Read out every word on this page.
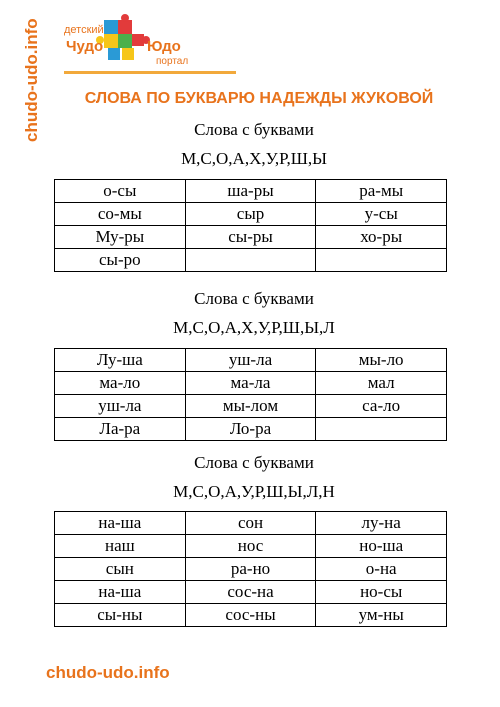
chudo-udo.info детский
Чудо	Юдо
портал
СЛОВА ПО БУКВАРЮ НАДЕЖДЫ ЖУКОВОЙ
Слова с буквами
М,С,О,А,Х,У,Р,Ш,Ы
о-сы	ша-ры	ра-мы
со-мы	сыр	у-сы
Му-ры	сы-ры	хо-ры
сы-ро		
Слова с буквами
М,С,О,А,Х,У,Р,Ш,Ы,Л
Лу-ша	уш-ла	мы-ло
ма-ло	ма-ла	мал
уш-ла	мы-лом	са-ло
Ла-ра	Ло-ра	
Слова с буквами
М,С,О,А,У,Р,Ш,Ы,Л,Н
на-ша	сон	лу-на
наш	нос	но-ша
сын	ра-но	о-на
на-ша	сос-на	но-сы
сы-ны	сос-ны	ум-ны
chudo-udo.info
